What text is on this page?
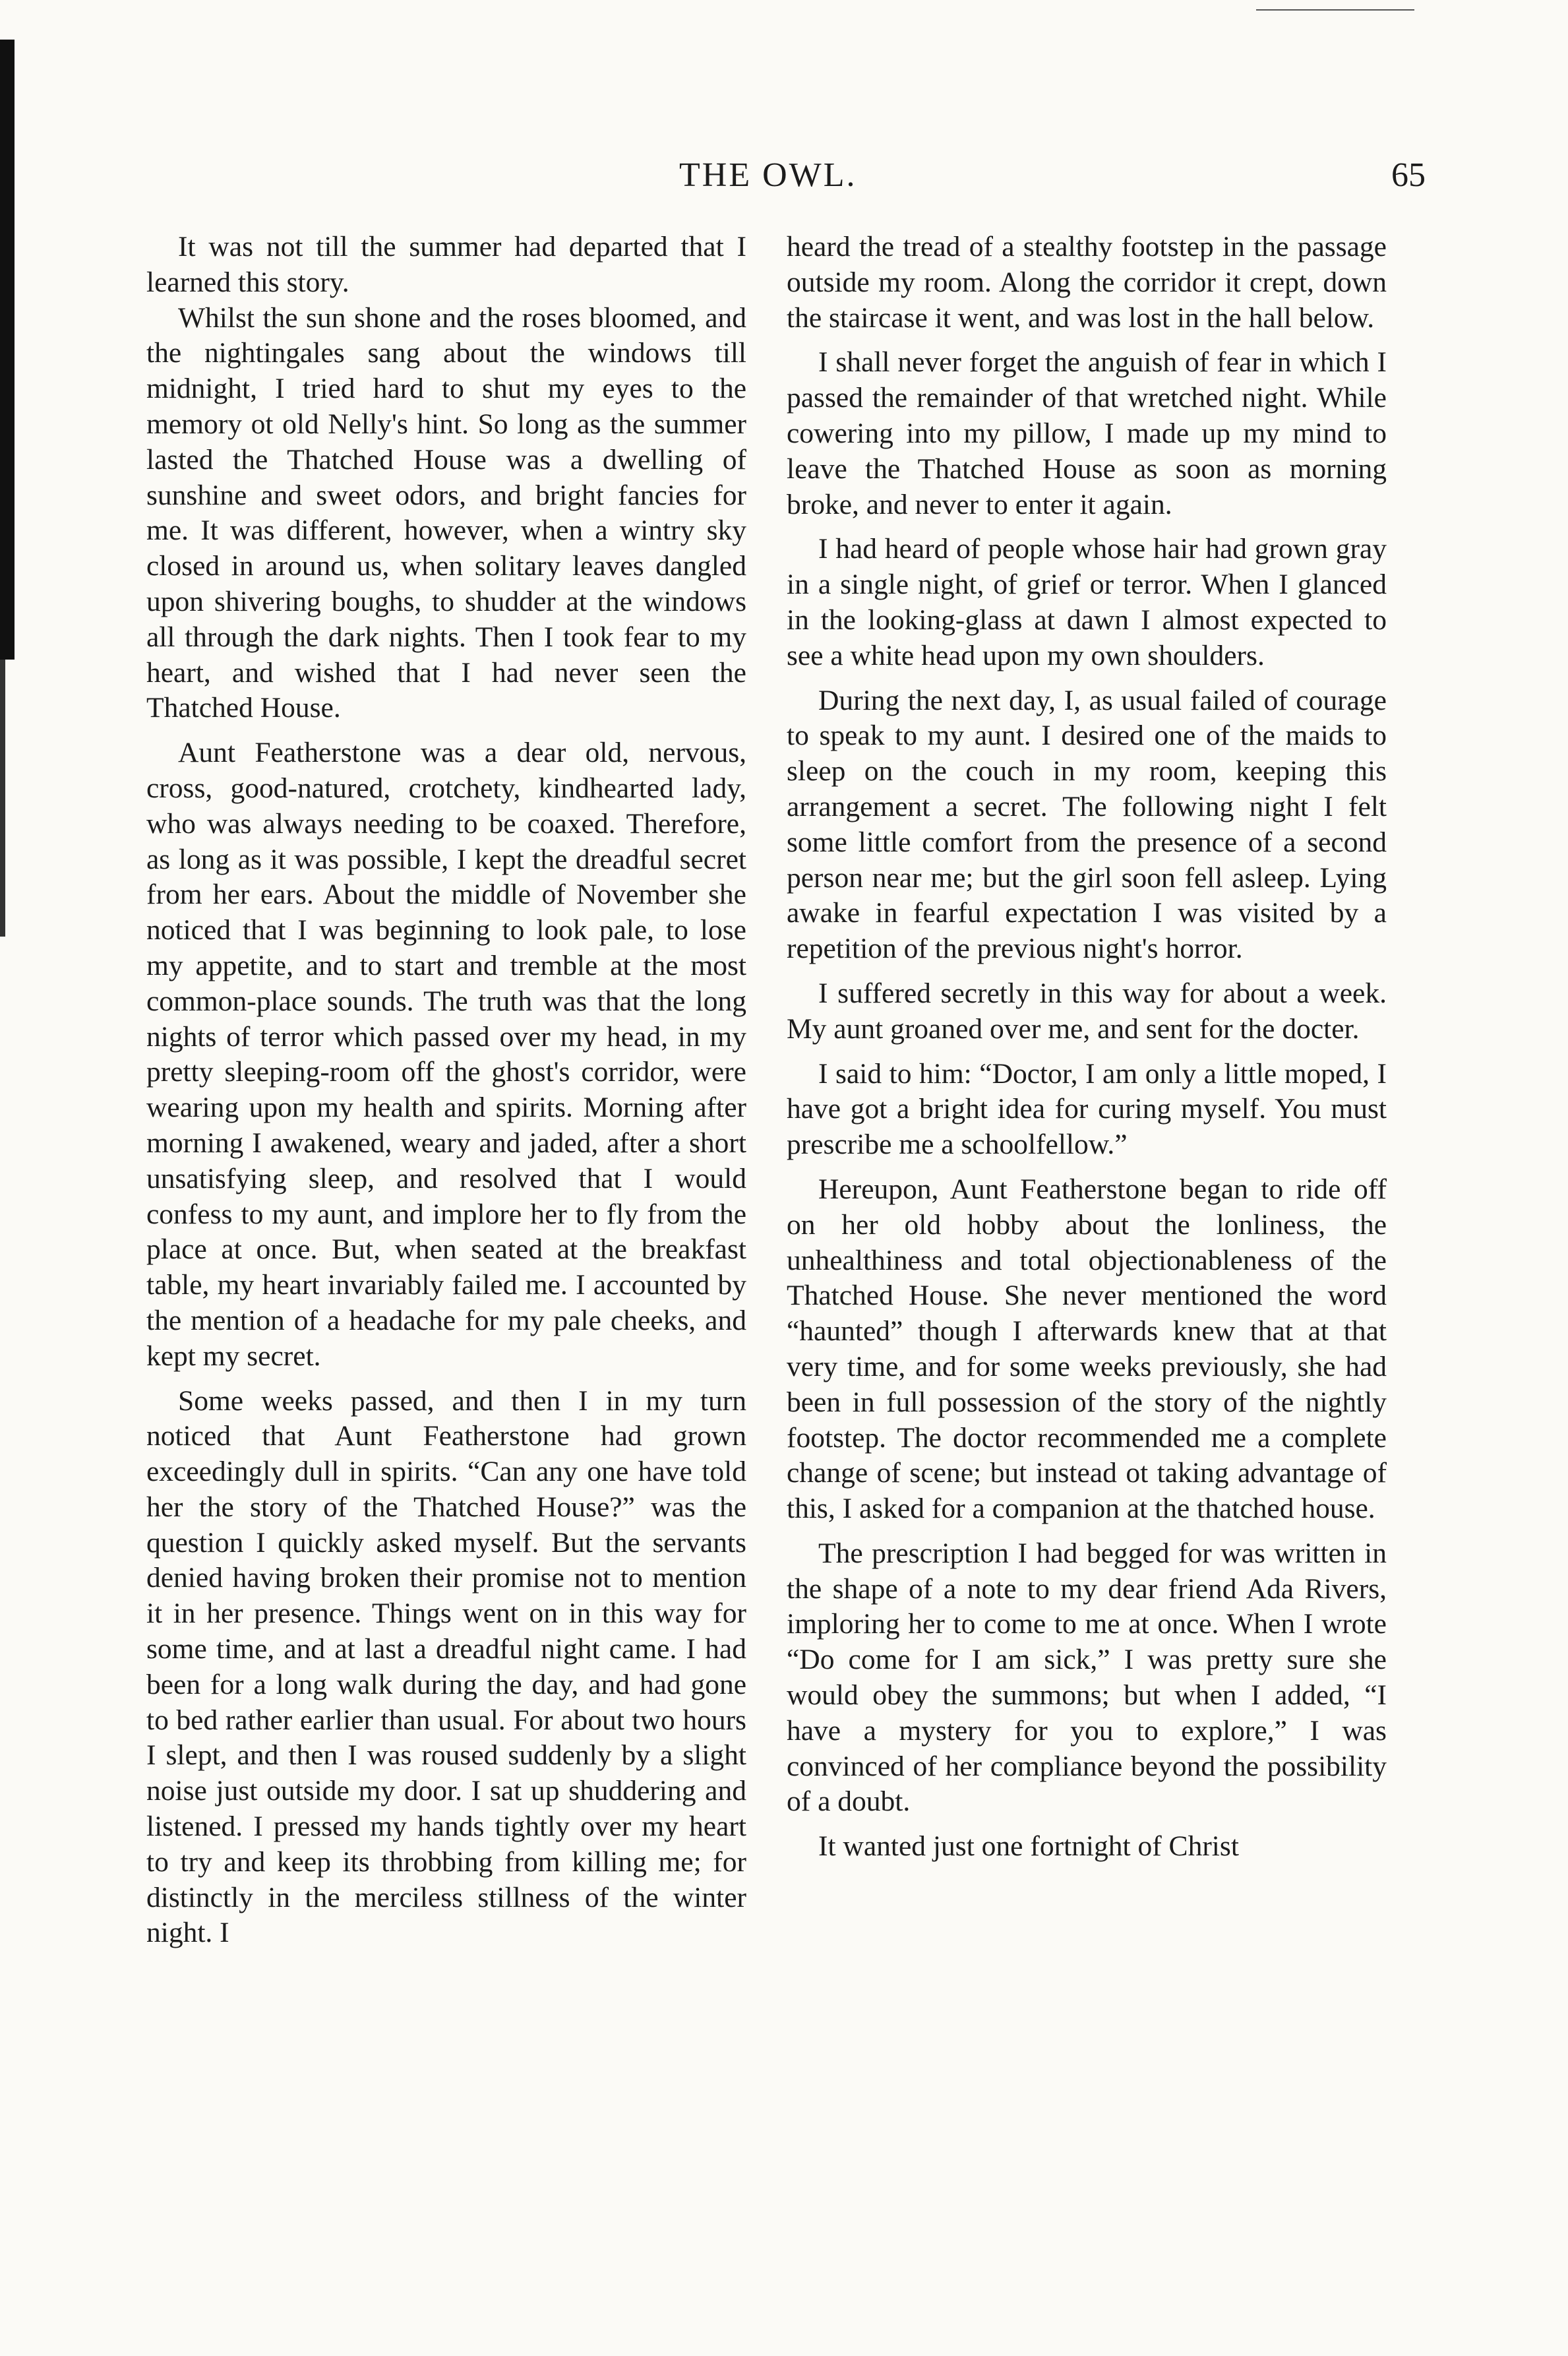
THE OWL.	65

It was not till the summer had departed that I learned this story.

Whilst the sun shone and the roses bloomed, and the nightingales sang about the windows till midnight, I tried hard to shut my eyes to the memory ot old Nelly's hint. So long as the summer lasted the Thatched House was a dwelling of sunshine and sweet odors, and bright fancies for me. It was different, however, when a wintry sky closed in around us, when solitary leaves dangled upon shivering boughs, to shudder at the windows all through the dark nights. Then I took fear to my heart, and wished that I had never seen the Thatched House.

Aunt Featherstone was a dear old, nervous, cross, good-natured, crotchety, kindhearted lady, who was always needing to be coaxed. Therefore, as long as it was possible, I kept the dreadful secret from her ears. About the middle of November she noticed that I was beginning to look pale, to lose my appetite, and to start and tremble at the most common-place sounds. The truth was that the long nights of terror which passed over my head, in my pretty sleeping-room off the ghost's corridor, were wearing upon my health and spirits. Morning after morning I awakened, weary and jaded, after a short unsatisfying sleep, and resolved that I would confess to my aunt, and implore her to fly from the place at once. But, when seated at the breakfast table, my heart invariably failed me. I accounted by the mention of a headache for my pale cheeks, and kept my secret.

Some weeks passed, and then I in my turn noticed that Aunt Featherstone had grown exceedingly dull in spirits. “Can any one have told her the story of the Thatched House?” was the question I quickly asked myself. But the servants denied having broken their promise not to mention it in her presence. Things went on in this way for some time, and at last a dreadful night came. I had been for a long walk during the day, and had gone to bed rather earlier than usual. For about two hours I slept, and then I was roused suddenly by a slight noise just outside my door. I sat up shuddering and listened. I pressed my hands tightly over my heart to try and keep its throbbing from killing me; for distinctly in the merciless stillness of the winter night. I

heard the tread of a stealthy footstep in the passage outside my room. Along the corridor it crept, down the staircase it went, and was lost in the hall below.

I shall never forget the anguish of fear in which I passed the remainder of that wretched night. While cowering into my pillow, I made up my mind to leave the Thatched House as soon as morning broke, and never to enter it again.

I had heard of people whose hair had grown gray in a single night, of grief or terror. When I glanced in the looking-glass at dawn I almost expected to see a white head upon my own shoulders.

During the next day, I, as usual failed of courage to speak to my aunt. I desired one of the maids to sleep on the couch in my room, keeping this arrangement a secret. The following night I felt some little comfort from the presence of a second person near me; but the girl soon fell asleep. Lying awake in fearful expectation I was visited by a repetition of the previous night's horror.

I suffered secretly in this way for about a week. My aunt groaned over me, and sent for the docter.

I said to him: “Doctor, I am only a little moped, I have got a bright idea for curing myself. You must prescribe me a schoolfellow.”

Hereupon, Aunt Featherstone began to ride off on her old hobby about the lonliness, the unhealthiness and total objectionableness of the Thatched House. She never mentioned the word “haunted” though I afterwards knew that at that very time, and for some weeks previously, she had been in full possession of the story of the nightly footstep. The doctor recommended me a complete change of scene; but instead ot taking advantage of this, I asked for a companion at the thatched house.

The prescription I had begged for was written in the shape of a note to my dear friend Ada Rivers, imploring her to come to me at once. When I wrote “Do come for I am sick,” I was pretty sure she would obey the summons; but when I added, “I have a mystery for you to explore,” I was convinced of her compliance beyond the possibility of a doubt.

It wanted just one fortnight of Christ
